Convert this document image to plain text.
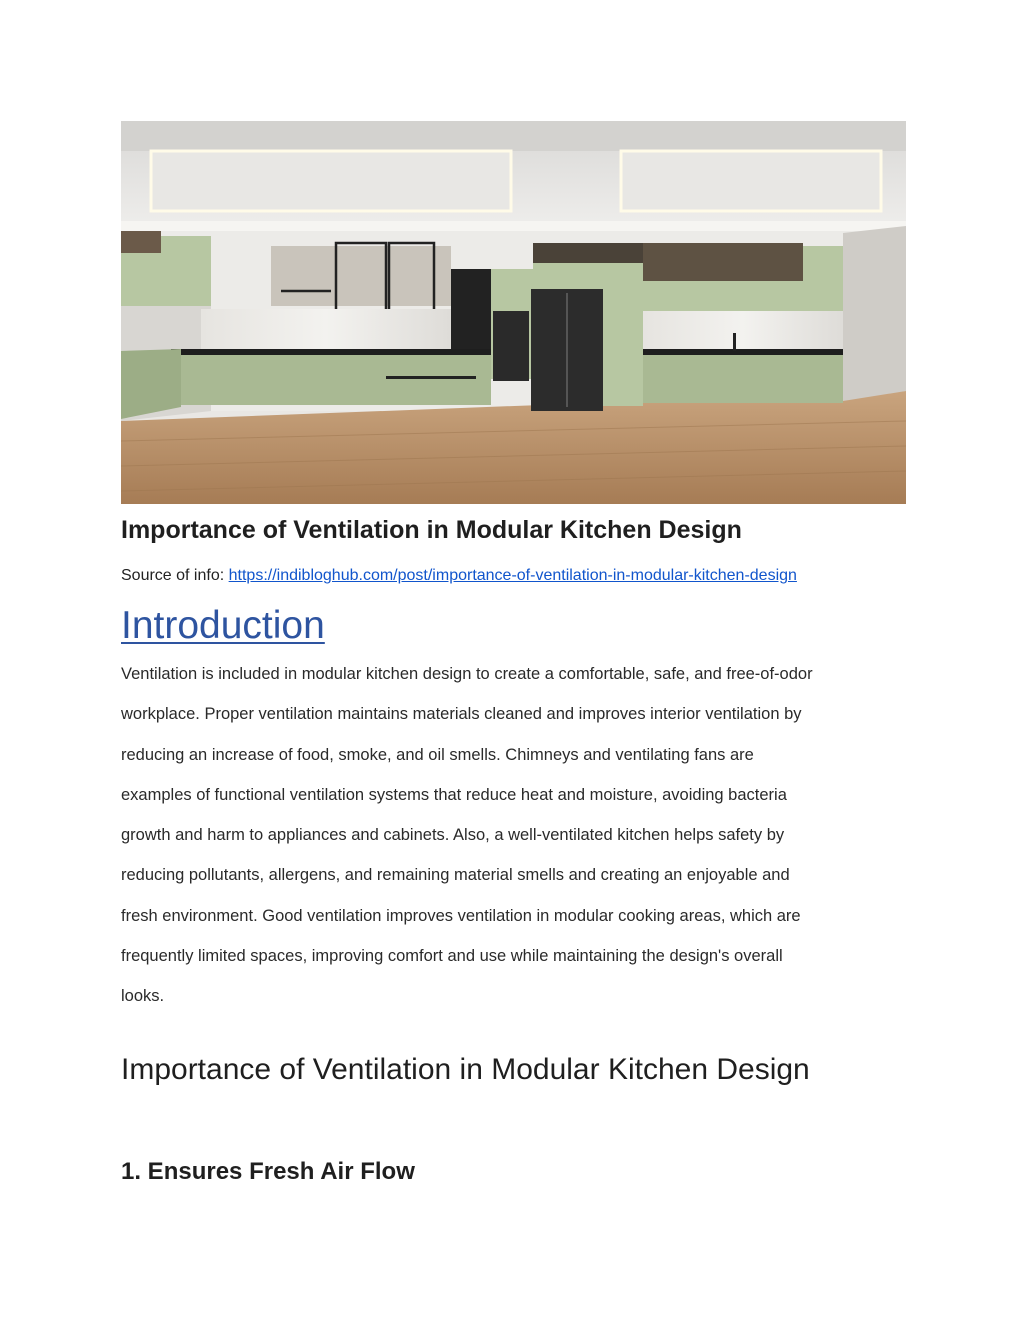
Importance of Ventilation in Modular Kitchen Design

Source of info: https://indibloghub.com/post/importance-of-ventilation-in-modular-kitchen-design

Introduction

Ventilation is included in modular kitchen design to create a comfortable, safe, and free-of-odor
workplace. Proper ventilation maintains materials cleaned and improves interior ventilation by
reducing an increase of food, smoke, and oil smells. Chimneys and ventilating fans are
examples of functional ventilation systems that reduce heat and moisture, avoiding bacteria
growth and harm to appliances and cabinets. Also, a well-ventilated kitchen helps safety by
reducing pollutants, allergens, and remaining material smells and creating an enjoyable and
fresh environment. Good ventilation improves ventilation in modular cooking areas, which are
frequently limited spaces, improving comfort and use while maintaining the design's overall
looks.

Importance of Ventilation in Modular Kitchen Design
1. Ensures Fresh Air Flow
